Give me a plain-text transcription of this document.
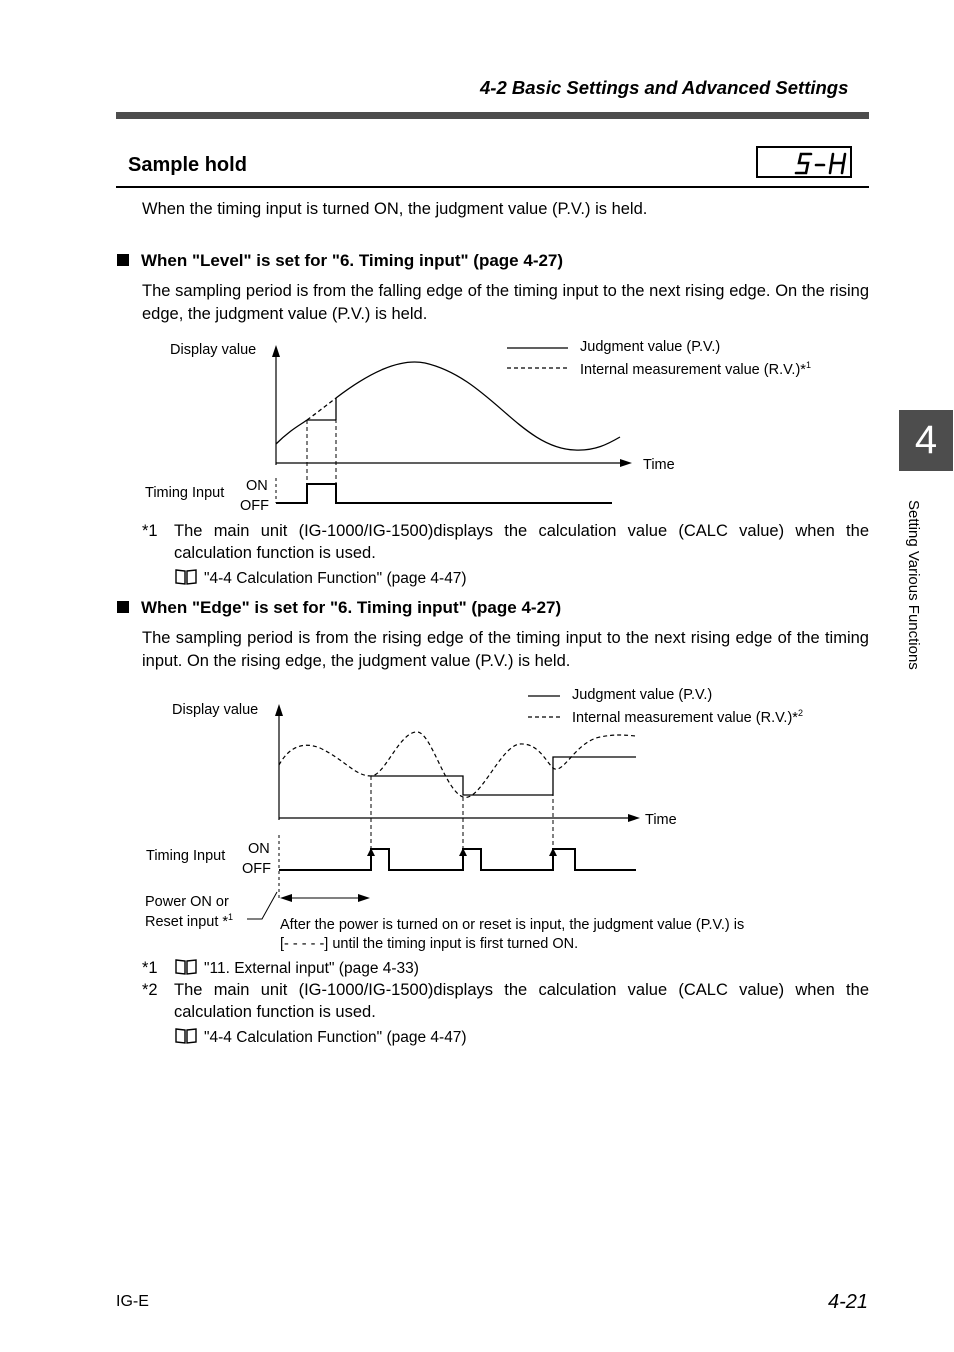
4-2 Basic Settings and Advanced Settings
Sample hold
When the timing input is turned ON, the judgment value (P.V.) is held.
When "Level" is set for "6. Timing input" (page 4-27)
The sampling period is from the falling edge of the timing input to the next rising edge. On the rising edge, the judgment value (P.V.) is held.
Display value
Time
Judgment value (P.V.)
Internal measurement value (R.V.)*$^1$
Timing Input ON
OFF
*1 The main unit (IG-1000/IG-1500)displays the calculation value (CALC value) when the calculation function is used.
"4-4 Calculation Function" (page 4-47)
When "Edge" is set for "6. Timing input" (page 4-27)
The sampling period is from the rising edge of the timing input to the next rising edge of the timing input. On the rising edge, the judgment value (P.V.) is held.
Display value
Time
Judgment value (P.V.)
Internal measurement value (R.V.)*$^2$
Timing Input ON
OFF
Power ON or
Reset input *$^1$	After the power is turned on or reset is input, the judgment value (P.V.) is
[- - - - -] until the timing input is first turned ON.
*1	"11. External input" (page 4-33)
*2 The main unit (IG-1000/IG-1500)displays the calculation value (CALC value) when the calculation function is used.
"4-4 Calculation Function" (page 4-47)
4
Setting Various Functions
IG-E	4-21
